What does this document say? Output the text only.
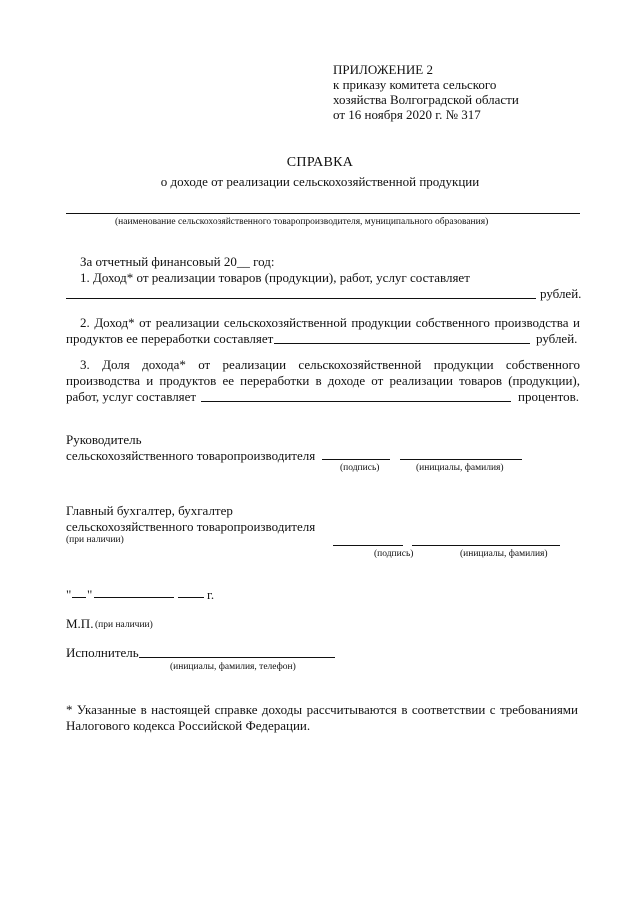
ПРИЛОЖЕНИЕ 2
к приказу комитета сельского
хозяйства Волгоградской области
от 16 ноября 2020 г. № 317
СПРАВКА
о доходе от реализации сельскохозяйственной продукции
(наименование сельскохозяйственного товаропроизводителя, муниципального образования)
За отчетный финансовый 20__ год:
1. Доход* от реализации товаров (продукции), работ, услуг составляет
рублей.
2. Доход* от реализации сельскохозяйственной продукции собственного производства и
продуктов ее переработки составляет	рублей.
3. Доля дохода* от реализации сельскохозяйственной продукции собственного
производства и продуктов ее переработки в доходе от реализации товаров (продукции),
работ, услуг составляет	процентов.
Руководитель
сельскохозяйственного товаропроизводителя
(подпись)	(инициалы, фамилия)
Главный бухгалтер, бухгалтер
сельскохозяйственного товаропроизводителя
(при наличии)
(подпись)	(инициалы, фамилия)
" "	г.
М.П. (при наличии)
Исполнитель
(инициалы, фамилия, телефон)
* Указанные в настоящей справке доходы рассчитываются в соответствии с требованиями
Налогового кодекса Российской Федерации.
